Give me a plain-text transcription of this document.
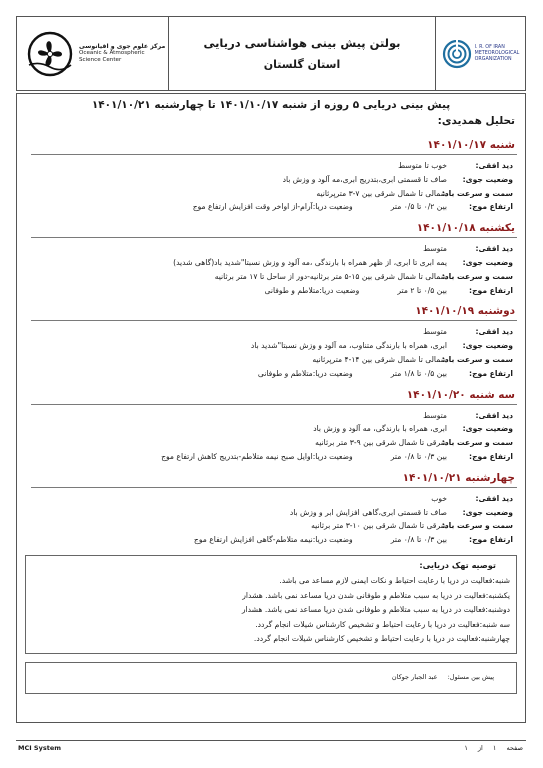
مرکز علوم جوی و اقیانوسی
Oceanic & Atmospheric
Science Center
بولتن پیش بینی هواشناسی دریایی
استان گلستان
I. R. OF IRAN
METEOROLOGICAL
ORGANIZATION
پیش بینی دریایی ۵ روزه از شنبه ۱۴۰۱/۱۰/۱۷ تا چهارشنبه ۱۴۰۱/۱۰/۲۱
تحلیل همدیدی:
شنبه ۱۴۰۱/۱۰/۱۷
دید افقی:خوب تا متوسط
وضعیت جوی:صاف تا قسمتی ابری،بتدریج ابری،مه آلود و وزش باد
سمت و سرعت باد:شمالی تا شمال شرقی بین ۷-۳ مترپرثانیه
ارتفاع موج:بین ۰/۲ تا ۰/۵ متروضعیت دریا:آرام-از اواخر وقت افزایش ارتفاع موج
یکشنبه ۱۴۰۱/۱۰/۱۸
دید افقی:متوسط
وضعیت جوی:یمه ابری تا ابری، از ظهر همراه با بارندگی ،مه آلود و وزش نسبتا"شدید باد(گاهی شدید)
سمت و سرعت باد:شمالی تا شمال شرقی بین ۱۵-۵ متر برثانیه-دور از ساحل تا ۱۷ متر برثانیه
ارتفاع موج:بین ۰/۵ تا ۲ متروضعیت دریا:متلاطم و طوفانی
دوشنبه ۱۴۰۱/۱۰/۱۹
دید افقی:متوسط
وضعیت جوی:ابری، همراه با بارندگی متناوب، مه آلود و وزش نسبتا"شدید باد
سمت و سرعت باد:شمالی تا شمال شرقی بین ۱۴-۴ مترپرثانیه
ارتفاع موج:بین ۰/۵ تا ۱/۸ متروضعیت دریا:متلاطم و طوفانی
سه شنبه ۱۴۰۱/۱۰/۲۰
دید افقی:متوسط
وضعیت جوی:ابری، همراه با بارندگی، مه آلود و وزش باد
سمت و سرعت باد:شرقی تا شمال شرقی بین ۹-۳ متر برثانیه
ارتفاع موج:بین ۰/۳ تا ۰/۸ متروضعیت دریا:اوایل صبح نیمه متلاطم-بتدریج کاهش ارتفاع موج
چهارشنبه ۱۴۰۱/۱۰/۲۱
دید افقی:خوب
وضعیت جوی:صاف تا قسمتی ابری،گاهی افزایش ابر و وزش باد
سمت و سرعت باد:شرقی تا شمال شرقی بین ۱۰-۳ متر برثانیه
ارتفاع موج:بین ۰/۳ تا ۰/۸ متروضعیت دریا:نیمه متلاطم-گاهی افزایش ارتفاع موج
توصیه تهک دریایی:
شنبه:فعالیت در دریا با رعایت احتیاط و نکات ایمنی لازم مساعد می باشد.
یکشنبه:فعالیت در دریا به سبب متلاطم و طوفانی شدن دریا مساعد نمی باشد. هشدار
دوشنبه:فعالیت در دریا به سبب متلاطم و طوفانی شدن دریا مساعد نمی باشد. هشدار
سه شنبه:فعالیت در دریا با رعایت احتیاط و تشخیص کارشناس شیلات انجام گردد.
چهارشنبه:فعالیت در دریا با رعایت احتیاط و تشخیص کارشناس شیلات انجام گردد.
پیش بین مسئول: عبد الجبار جوکان
MCI System	صفحه ۱ از ۱
